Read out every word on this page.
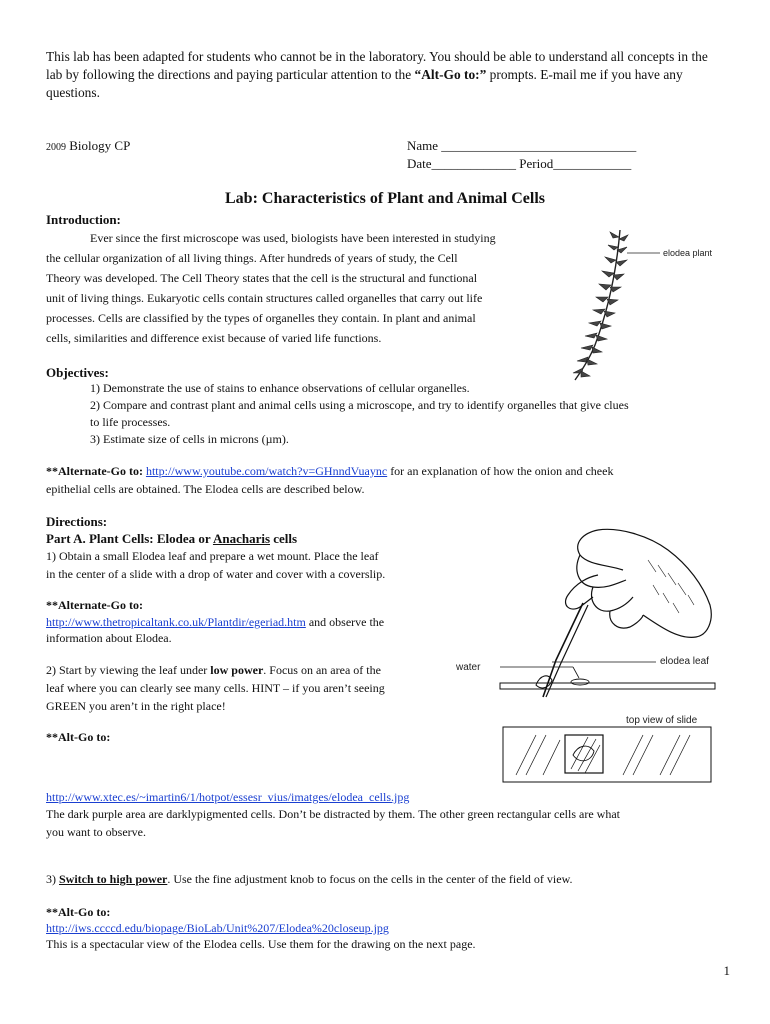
This lab has been adapted for students who cannot be in the laboratory. You should be able to understand all concepts in the lab by following the directions and paying particular attention to the “Alt-Go to:” prompts. E-mail me if you have any questions.
2009 Biology CP	Name ______________________________
Date_____________ Period____________
Lab: Characteristics of Plant and Animal Cells
Introduction:
Ever since the first microscope was used, biologists have been interested in studying
the cellular organization of all living things. After hundreds of years of study, the Cell
Theory was developed. The Cell Theory states that the cell is the structural and functional
unit of living things. Eukaryotic cells contain structures called organelles that carry out life
processes. Cells are classified by the types of organelles they contain. In plant and animal
cells, similarities and difference exist because of varied life functions.
elodea plant
Objectives:
1) Demonstrate the use of stains to enhance observations of cellular organelles.
2) Compare and contrast plant and animal cells using a microscope, and try to identify organelles that give clues
to life processes.
3) Estimate size of cells in microns (µm).
**Alternate-Go to: http://www.youtube.com/watch?v=GHnndVuaync for an explanation of how the onion and cheek
epithelial cells are obtained. The Elodea cells are described below.
Directions:
Part A. Plant Cells: Elodea or Anacharis cells
1) Obtain a small Elodea leaf and prepare a wet mount. Place the leaf
in the center of a slide with a drop of water and cover with a coverslip.
**Alternate-Go to:
http://www.thetropicaltank.co.uk/Plantdir/egeriad.htm and observe the
information about Elodea.
2) Start by viewing the leaf under low power. Focus on an area of the
leaf where you can clearly see many cells. HINT – if you aren’t seeing
GREEN you aren’t in the right place!
**Alt-Go to:
water
elodea leaf
top view of slide
http://www.xtec.es/~imartin6/1/hotpot/essesr_vius/imatges/elodea_cells.jpg
The dark purple area are darklypigmented cells. Don’t be distracted by them. The other green rectangular cells are what
you want to observe.
3) Switch to high power. Use the fine adjustment knob to focus on the cells in the center of the field of view.
**Alt-Go to:
http://iws.ccccd.edu/biopage/BioLab/Unit%207/Elodea%20closeup.jpg
This is a spectacular view of the Elodea cells. Use them for the drawing on the next page.
1
